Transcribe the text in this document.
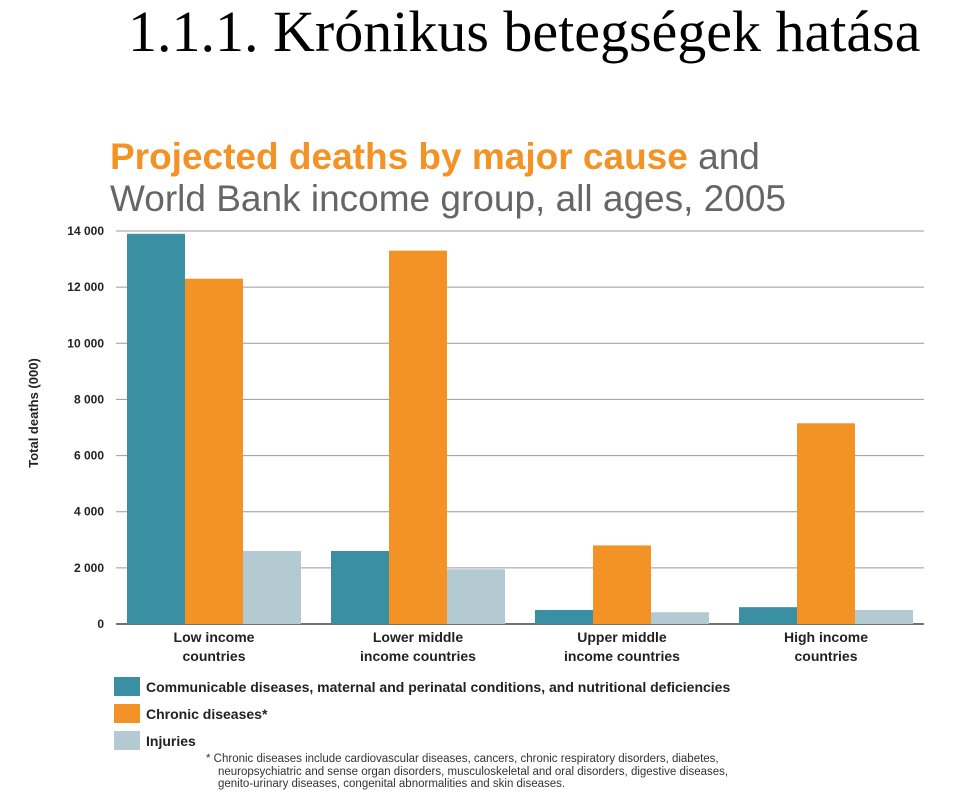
1.1.1. Krónikus betegségek hatása
Projected deaths by major cause and
World Bank income group, all ages, 2005
0
2 000
4 000
6 000
8 000
10 000
12 000
14 000
Low income
countries
Lower middle
income countries
Upper middle
income countries
High income
countries
Total deaths (000)
Communicable diseases, maternal and perinatal conditions, and nutritional deficiencies
Chronic diseases*
Injuries
* Chronic diseases include cardiovascular diseases, cancers, chronic respiratory disorders, diabetes,
neuropsychiatric and sense organ disorders, musculoskeletal and oral disorders, digestive diseases,
genito-urinary diseases, congenital abnormalities and skin diseases.
